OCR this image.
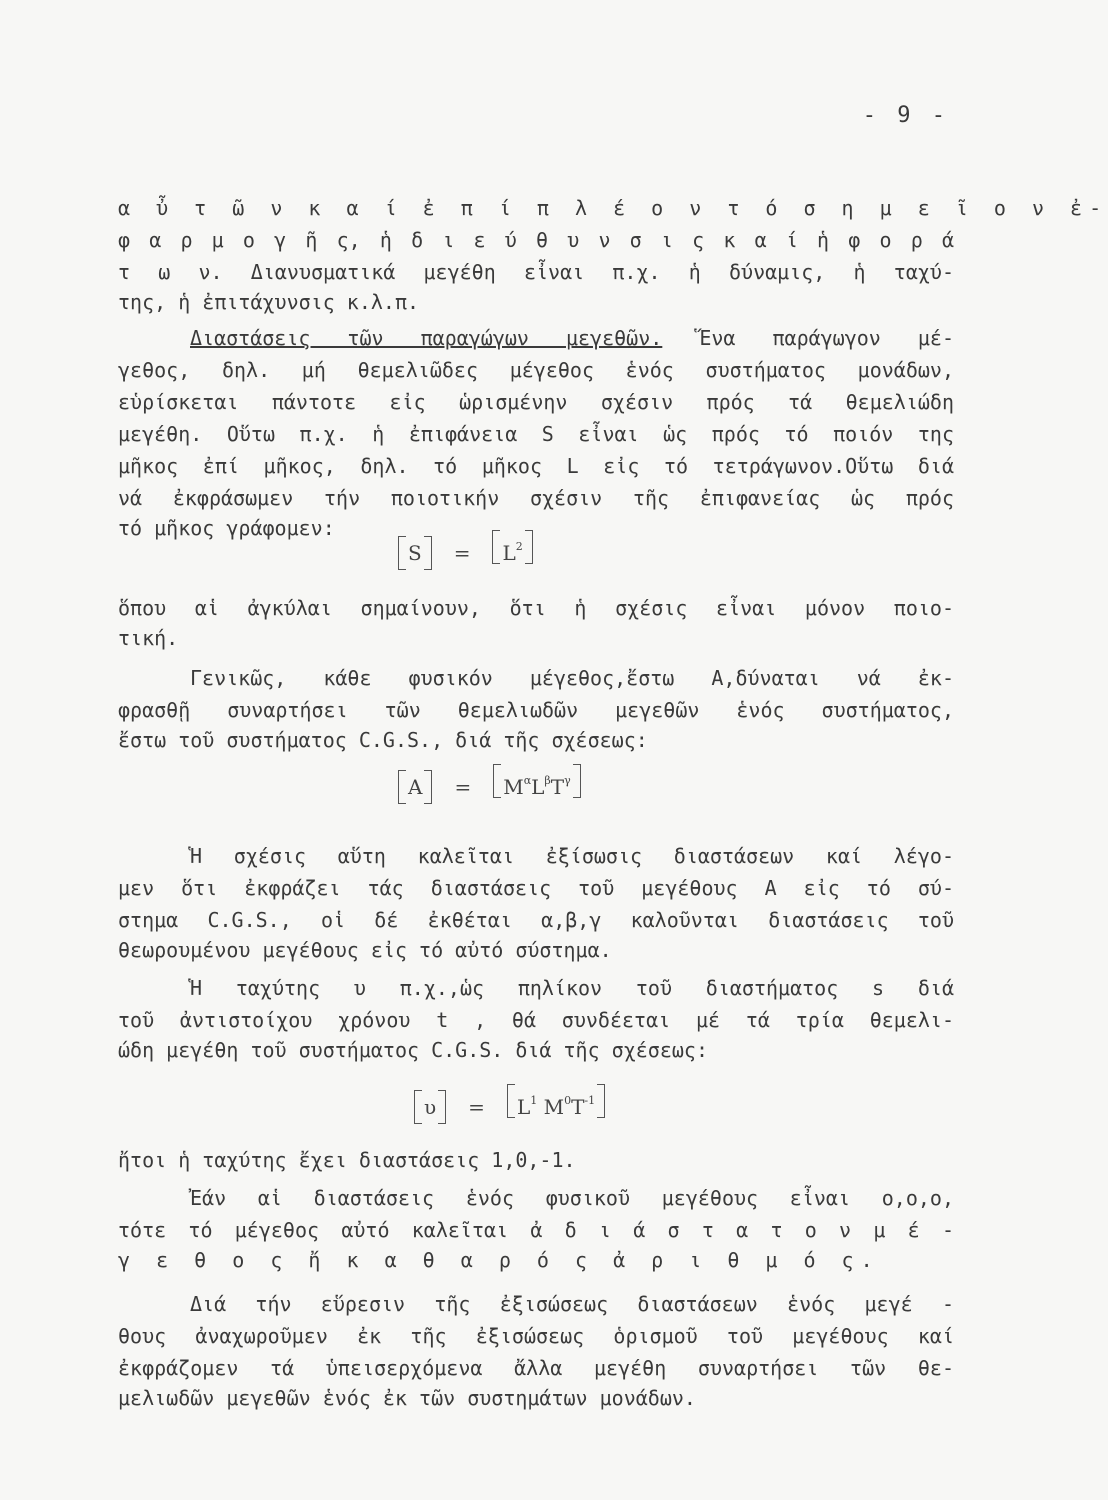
- 9 -
α ὖ τ ῶ ν κ α ί ἐ π ί π λ έ ο ν τ ό σ η μ ε ῖ ο ν ἐ-
φ α ρ μ ο γ ῆ ς, ἡ δ ι ε ύ θ υ ν σ ι ς κ α ί ἡ φ ο ρ ά
τ ω ν. Διανυσματικά μεγέθη εἶναι π.χ. ἡ δύναμις, ἡ ταχύ-
της, ἡ ἐπιτάχυνσις κ.λ.π.
Διαστάσεις τῶν παραγώγων μεγεθῶν. Ἕνα παράγωγον μέ-
γεθος, δηλ. μή θεμελιῶδες μέγεθος ἑνός συστήματος μονάδων,
εὑρίσκεται πάντοτε εἰς ὡρισμένην σχέσιν πρός τά θεμελιώδη
μεγέθη. Οὕτω π.χ. ἡ ἐπιφάνεια S εἶναι ὡς πρός τό ποιόν της
μῆκος ἐπί μῆκος, δηλ. τό μῆκος L εἰς τό τετράγωνον.Οὕτω διά
νά ἐκφράσωμεν τήν ποιοτικήν σχέσιν τῆς ἐπιφανείας ὡς πρός
τό μῆκος γράφομεν:
$S = L^2$
ὅπου αἱ ἀγκύλαι σημαίνουν, ὅτι ἡ σχέσις εἶναι μόνον ποιο-
τική.
Γενικῶς, κάθε φυσικόν μέγεθος,ἔστω A,δύναται νά ἐκ-
φρασθῇ συναρτήσει τῶν θεμελιωδῶν μεγεθῶν ἑνός συστήματος,
ἔστω τοῦ συστήματος C.G.S., διά τῆς σχέσεως:
$A = M^\alpha L^\beta T^\gamma$
Ἡ σχέσις αὕτη καλεῖται ἐξίσωσις διαστάσεων καί λέγο-
μεν ὅτι ἐκφράζει τάς διαστάσεις τοῦ μεγέθους A εἰς τό σύ-
στημα C.G.S., οἱ δέ ἐκθέται α,β,γ καλοῦνται διαστάσεις τοῦ
θεωρουμένου μεγέθους εἰς τό αὐτό σύστημα.
Ἡ ταχύτης υ π.χ.,ὡς πηλίκον τοῦ διαστήματος s διά
τοῦ ἀντιστοίχου χρόνου t , θά συνδέεται μέ τά τρία θεμελι-
ώδη μεγέθη τοῦ συστήματος C.G.S. διά τῆς σχέσεως:
$\upsilon = L^1$ $M^0T^{-1}$
ἤτοι ἡ ταχύτης ἔχει διαστάσεις 1,0,-1.
Ἐάν αἱ διαστάσεις ἑνός φυσικοῦ μεγέθους εἶναι ο,ο,ο,
τότε τό μέγεθος αὐτό καλεῖται ἀ δ ι ά σ τ α τ ο ν μ έ -
γ ε θ ο ς ἤ κ α θ α ρ ό ς ἀ ρ ι θ μ ό ς.
Διά τήν εὕρεσιν τῆς ἐξισώσεως διαστάσεων ἑνός μεγέ -
θους ἀναχωροῦμεν ἐκ τῆς ἐξισώσεως ὁρισμοῦ τοῦ μεγέθους καί
ἐκφράζομεν τά ὑπεισερχόμενα ἄλλα μεγέθη συναρτήσει τῶν θε-
μελιωδῶν μεγεθῶν ἑνός ἐκ τῶν συστημάτων μονάδων.
